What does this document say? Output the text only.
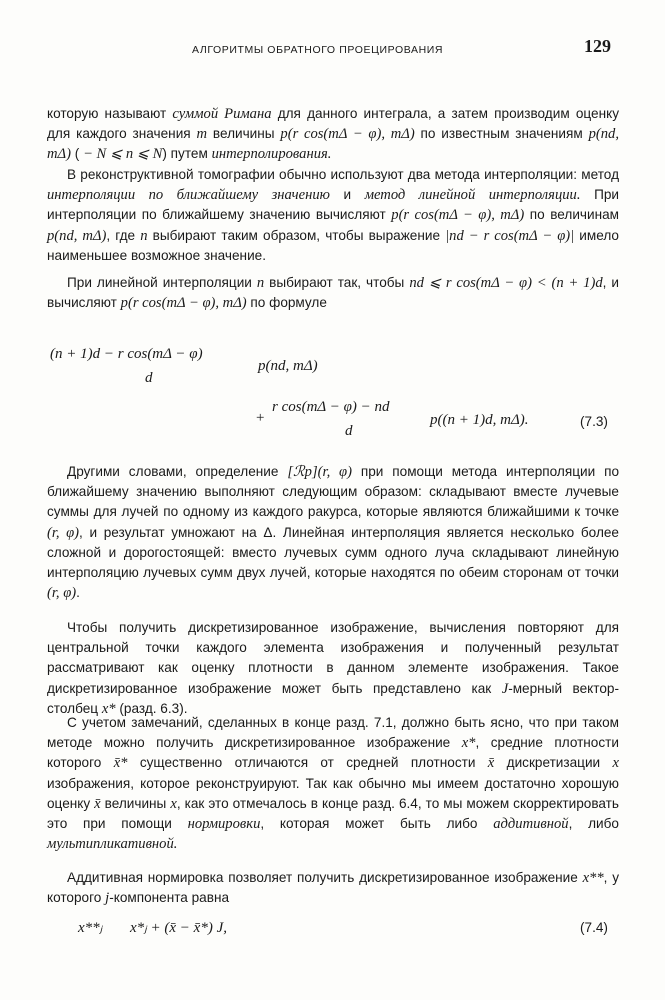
АЛГОРИТМЫ ОБРАТНОГО ПРОЕЦИРОВАНИЯ	129

которую называют суммой Римана для данного интеграла, а затем производим оценку для каждого значения m величины p(r cos(mΔ − φ), mΔ) по известным значениям p(nd, mΔ) ( − N ⩽ n ⩽ N) путем интерполирования.

В реконструктивной томографии обычно используют два метода интерполяции: метод интерполяции по ближайшему значению и метод линейной интерполяции. При интерполяции по ближайшему значению вычисляют p(r cos(mΔ − φ), mΔ) по величинам p(nd, mΔ), где n выбирают таким образом, чтобы выражение |nd − r cos(mΔ − φ)| имело наименьшее возможное значение.

При линейной интерполяции n выбирают так, чтобы nd ⩽ r cos(mΔ − φ) < (n + 1)d, и вычисляют p(r cos(mΔ − φ), mΔ) по формуле

(n + 1)d − r cos(mΔ − φ)
d
p(nd, mΔ)
+
r cos(mΔ − φ) − nd
d
p((n + 1)d, mΔ).	(7.3)

Другими словами, определение [ℛp](r, φ) при помощи метода интерполяции по ближайшему значению выполняют следующим образом: складывают вместе лучевые суммы для лучей по одному из каждого ракурса, которые являются ближайшими к точке (r, φ), и результат умножают на Δ. Линейная интерполяция является несколько более сложной и дорогостоящей: вместо лучевых сумм одного луча складывают линейную интерполяцию лучевых сумм двух лучей, которые находятся по обеим сторонам от точки (r, φ).

Чтобы получить дискретизированное изображение, вычисления повторяют для центральной точки каждого элемента изображения и полученный результат рассматривают как оценку плотности в данном элементе изображения. Такое дискретизированное изображение может быть представлено как J-мерный вектор-столбец x* (разд. 6.3).

С учетом замечаний, сделанных в конце разд. 7.1, должно быть ясно, что при таком методе можно получить дискретизированное изображение x*, средние плотности которого x̄* существенно отличаются от средней плотности x̄ дискретизации x изображения, которое реконструируют. Так как обычно мы имеем достаточно хорошую оценку x̄ величины x, как это отмечалось в конце разд. 6.4, то мы можем скорректировать это при помощи нормировки, которая может быть либо аддитивной, либо мультипликативной.

Аддитивная нормировка позволяет получить дискретизированное изображение x**, у которого j-компонента равна

x**ⱼ x*ⱼ + (x̄ − x̄*) J,	(7.4)
